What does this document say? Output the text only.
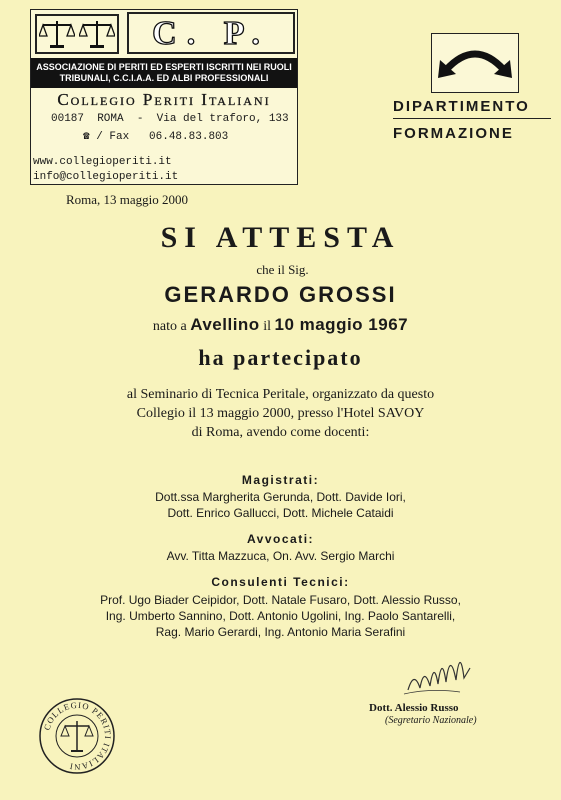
C. P.
ASSOCIAZIONE DI PERITI ED ESPERTI ISCRITTI NEI RUOLI
TRIBUNALI, C.C.I.A.A. ED ALBI PROFESSIONALI
Collegio Periti Italiani
00187  ROMA  -  Via del traforo, 133
☎ / Fax   06.48.83.803
www.collegioperiti.it
info@collegioperiti.it
DIPARTIMENTO
FORMAZIONE
Roma, 13 maggio 2000
SI ATTESTA
che il Sig.
GERARDO GROSSI
nato a Avellino il 10 maggio 1967
ha partecipato
al Seminario di Tecnica Peritale, organizzato da questo
Collegio il 13 maggio 2000, presso l'Hotel SAVOY
di Roma, avendo come docenti:
Magistrati:
Dott.ssa Margherita Gerunda, Dott. Davide Iori,
Dott. Enrico Gallucci, Dott. Michele Cataidi
Avvocati:
Avv. Titta Mazzuca, On. Avv. Sergio Marchi
Consulenti Tecnici:
Prof. Ugo Biader Ceipidor, Dott. Natale Fusaro, Dott. Alessio Russo,
Ing. Umberto Sannino, Dott. Antonio Ugolini, Ing. Paolo Santarelli,
Rag. Mario Gerardi, Ing. Antonio Maria Serafini
Dott. Alessio Russo
(Segretario Nazionale)
COLLEGIO PERITI ITALIANI
